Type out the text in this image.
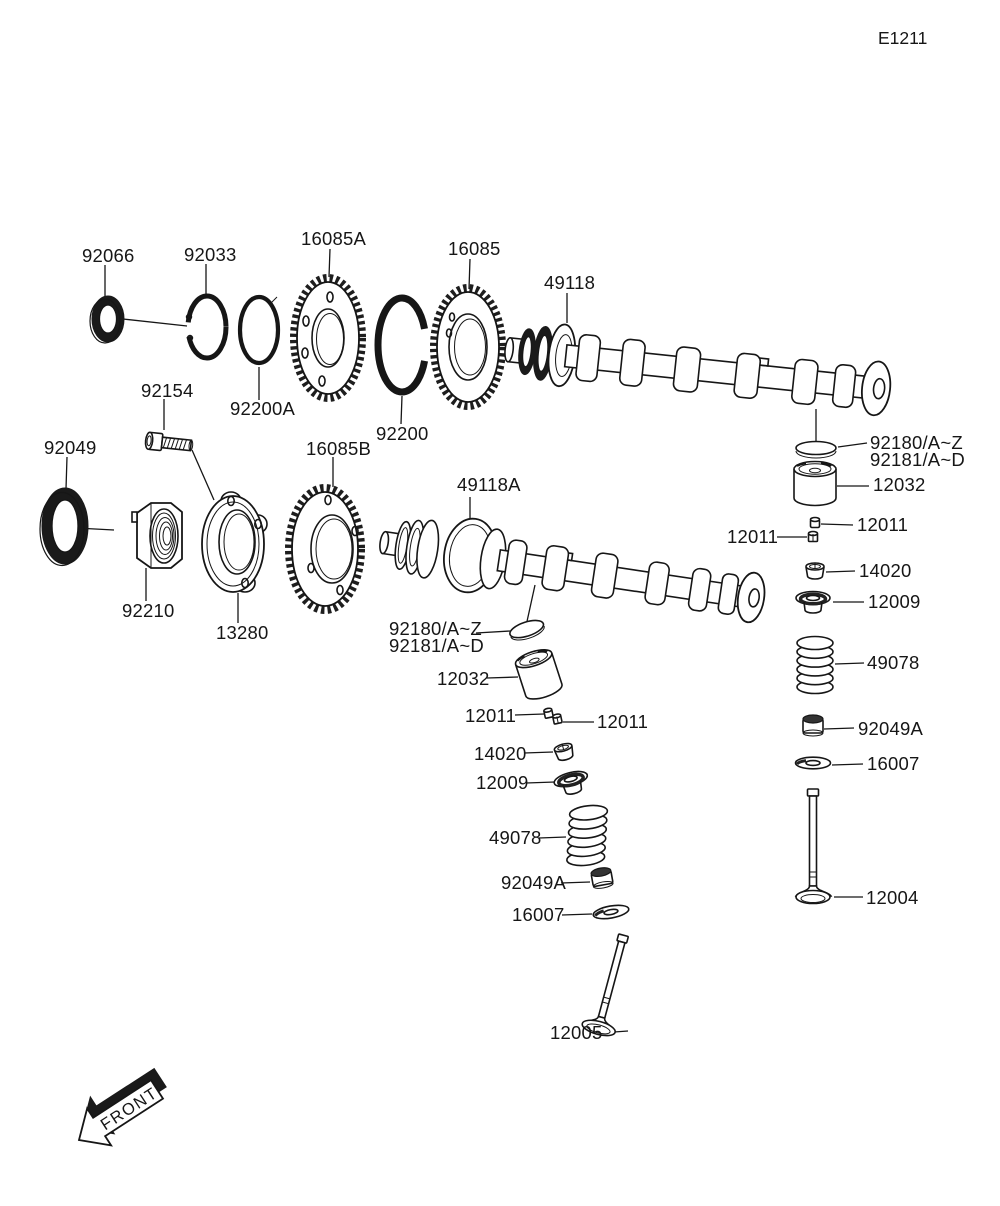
FRONT
E1211
92066	92033
16085A	16085
49118
92154
92200A
92200
92049	16085B
49118A
92210
13280
92180/A~Z
92181/A~D
12032
12011
12011
14020
12009
49078
92049A
16007
12004
92180/A~Z
92181/A~D
12032
12011	12011
14020
12009
49078
92049A
16007
12005
